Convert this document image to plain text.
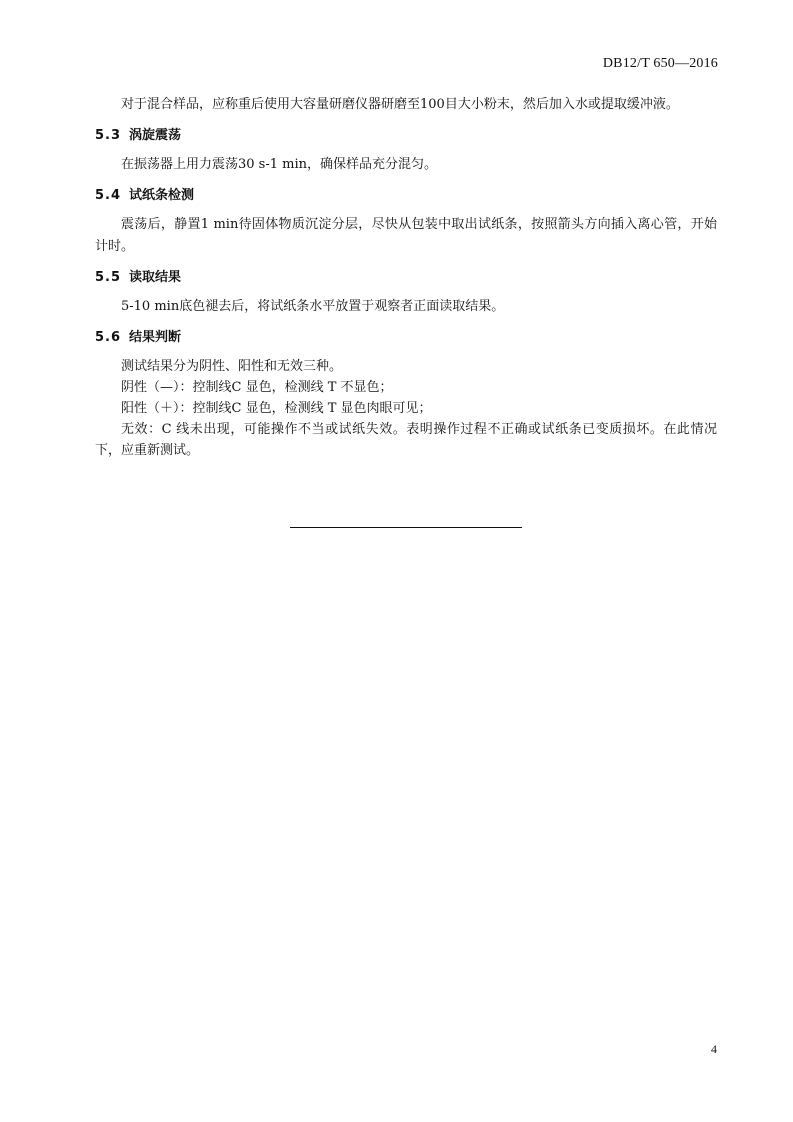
DB12/T 650—2016

对于混合样品，应称重后使用大容量研磨仪器研磨至100目大小粉末，然后加入水或提取缓冲液。

5.3 涡旋震荡

在振荡器上用力震荡30 s-1 min，确保样品充分混匀。

5.4 试纸条检测

震荡后，静置1 min待固体物质沉淀分层，尽快从包装中取出试纸条，按照箭头方向插入离心管，开始计时。

5.5 读取结果

5-10 min底色褪去后，将试纸条水平放置于观察者正面读取结果。

5.6 结果判断

测试结果分为阴性、阳性和无效三种。

阴性（—）：控制线C 显色，检测线 T 不显色；

阳性（＋）：控制线C 显色，检测线 T 显色肉眼可见；

无效：C 线未出现，可能操作不当或试纸失效。表明操作过程不正确或试纸条已变质损坏。在此情况下，应重新测试。

4
